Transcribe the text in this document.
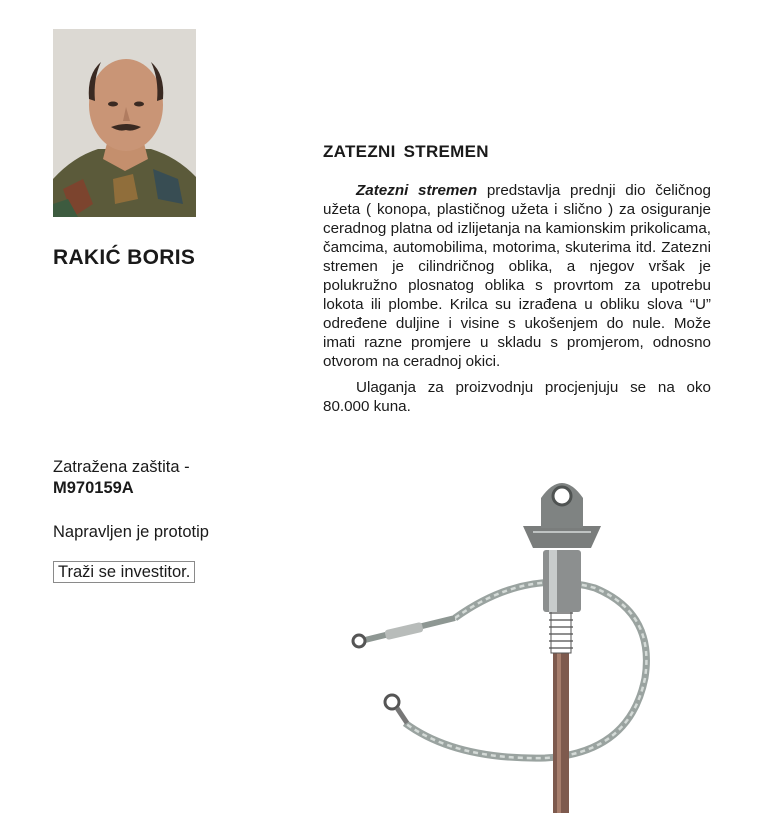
RAKIĆ BORIS
Zatražena zaštita -
M970159A
Napravljen je prototip
Traži se investitor.
ZATEZNI STREMEN

Zatezni stremen predstavlja prednji dio čeličnog užeta ( konopa, plastičnog užeta i slično ) za osiguranje ceradnog platna od izlijetanja na kamionskim prikolicama, čamcima, automobilima, motorima, skuterima itd. Zatezni stremen je cilindričnog oblika, a njegov vršak je polukružno plosnatog oblika s provrtom za upotrebu lokota ili plombe. Krilca su izrađena u obliku slova “U” određene duljine i visine s ukošenjem do nule. Može imati razne promjere u skladu s promjerom, odnosno otvorom na ceradnoj okici.

Ulaganja za proizvodnju procjenjuju se na oko 80.000 kuna.
